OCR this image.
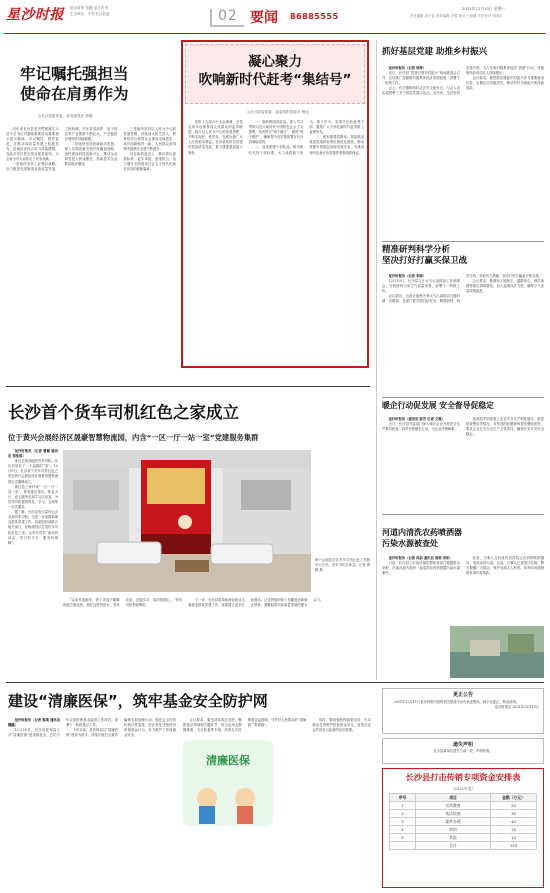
星沙时报 星沙时报 传播 星沙声音
主办单位：中共长沙县委	02 要闻 86885555
2021年12月13日 星期一
责任编辑 刘子怡 美术编辑 尹爽 校对 王雨萌 责任校对 邓国平
牢记嘱托强担当
使命在肩勇作为
◎长沙县委常委、常务副县长 郭敏

近年来长沙县坚决贯彻落实习近平总书记对湖南重要讲话重要指示批示精神，牢记嘱托、感恩奋进，在推动高质量发展上积极作为，县域经济综合实力持续增强，连续多年位居全国百强县前列，为全省全市大局作出了应有贡献。

一是始终坚持工业强县战略。全力推进先进制造业高质量发展，工程机械、汽车及零部件、电子信息等产业集群不断壮大，产业链供应链韧性持续增强。

二是始终坚持创新驱动发展。深入实施创新引领开放崛起战略，加快建设科技创新平台，推动企业研发投入快速增长，高新技术企业数量稳步增加。

三是始终坚持以人民为中心的发展思想。持续加大民生投入，教育医疗社保等社会事业全面进步，城乡面貌焕然一新，人民群众获得感幸福感安全感不断提升。

站在新的起点上，我们将以更高标准、更实举措、更强担当，奋力谱写全面建设社会主义现代化新长沙县的崭新篇章。

凝心聚力
吹响新时代赶考“集结号”
◎长沙县委常委、县委组织部部长 杨运

党的十九届六中全会强调，全党必须永远保持同人民群众的血肉联系，践行以人民为中心的发展思想，不断实现好、维护好、发展好最广大人民的根本利益。长沙县坚持以党建引领高质量发展，着力建强基层战斗堡垒。

一、旗帜鲜明讲政治。深入学习贯彻习近平新时代中国特色社会主义思想，坚决捍卫“两个确立”，做到“两个维护”，确保党中央决策部署在长沙县落地见效。

二、选优配强干部队伍。树牢新时代好干部标准，大力选拔敢于担当、善于作为、实绩突出的优秀干部，激励广大干部在新时代赶考路上奋勇争先。

三、固本强基筑堡垒。持续推进基层党组织标准化规范化建设，推动党建引领基层治理走深走实，为建设现代化新长沙县提供坚强组织保证。

抓好基层党建 助推乡村振兴

星沙时报讯（记者 钟涛）

近日，长沙县“党建引领乡村振兴”现场推进会召开，总结推广各镇街村级集体经济发展经验，部署下一阶段工作。

会上，有关镇街和村社区作交流发言，与会人员实地观摩了多个基层党建示范点。近年来，全县坚持党建引领，大力实施村级集体经济“消薄”行动，村级集体经济总收入持续增长。

会议要求，要把抓党建促乡村振兴作为重要政治任务，压紧压实各级责任，推动乡村全面振兴取得新成效。

精准研判科学分析
坚决打好打赢买保卫战

星沙时报讯（记者 李婷）

12月10日，长沙县召开大气污染防治工作调度会，分析研判当前空气质量形势，部署下一阶段工作。

会议指出，当前正值秋冬季大气污染防治关键时期，各镇街、各部门要对照目标任务，精准研判、科学分析，采取有力措施，坚决打好打赢蓝天保卫战。

会议要求，要强化工地扬尘、道路扬尘、餐饮油烟等重点领域管控，加大巡查执法力度，确保空气质量持续改善。

长沙首个货车司机红色之家成立
位于黄兴会展经济区晟豪智慧物流园，内含“一区一厅一站一室”党建服务集群

星沙时报讯（记者 曹颖 通讯员 郑佳琪）

来自全国各地的货车司机，在长沙县有了一个温暖的“家”。12月9日，长沙首个货车司机红色之家在黄兴会展经济区晟豪智慧物流园正式揭牌成立。

该红色之家内设“一区一厅一站一室”，即党建宣传区、休息大厅、爱心服务站和学习活动室，为货车司机提供休息、学习、交流等一站式服务。

据了解，长沙县有大量货运企业和货车司机。为进一步加强新就业群体党建工作，县委组织部联合相关部门，在物流园区打造货车司机红色之家，让货车司机“流动有站点、学习有平台、服务有保障”。

黄兴会展经济区货车司机红色之家服务大厅内，货车司机在休息。记者 曹颖 摄

“以前长途跑车，停下来连个歇脚的地方都没有，现在这里有热水、有休息室，还能学习，真的很暖心。”货车司机李师傅说。

下一步，长沙县将持续深化新业态新就业群体党建工作，探索建立更多红色驿站，让党的组织和工作覆盖到新就业群体，凝聚起推动高质量发展的强大合力。

暖企行动促发展 安全督导促稳定

星沙时报讯（通讯员 彭芳 记者 文雅）

近日，长沙县安监部门深入辖区企业开展安全生产督导检查，同时开展暖企行动，为企业纾困解难。

检查组详细查看了企业安全生产制度落实、隐患排查整治等情况，对发现的问题现场提出整改意见，要求企业压实安全生产主体责任，确保岁末年初安全稳定。

河道内清洗农药喷洒器
污染水源被查处

星沙时报讯（记者 冉前 通讯员 周杨 李沛）

日前，长沙县公安局环境犯罪侦查部门根据群众举报，在某河道内查获一起清洗农药喷洒器污染水源案件。

经查，当事人在河道内清洗装过农药的喷洒器具，造成水体污染。目前，当事人已被依法处理。警方提醒广大群众，保护水源人人有责，切勿向河道倾倒有毒有害物质。

建设“清廉医保”，筑牢基金安全防护网

星沙时报讯（记者 蒋瑛 通讯员 魏璐）

12月10日，长沙县医保局召开“清廉医保”建设推进会，总结今年以来医保基金监管工作成效，部署下一阶段重点工作。

今年以来，县医保局以“清廉医保”建设为抓手，持续开展打击欺诈骗保专项治理行动，强化定点医药机构日常监管，依法查处违规使用医保基金行为，有力维护了医保基金安全。

清廉医保

会议要求，要坚持零容忍态度，聚焦重点领域和关键环节，综合运用大数据筛查、飞行检查等手段，织密扎牢医保基金监管网，守护好人民群众的“看病钱”“救命钱”。

同时，要加强医保政策宣传，引导群众自觉维护医保基金安全，营造全社会共同参与监督的良好氛围。

更正公告
2021年12月11日星沙时报刊登的相关报道中存在表述错误，现予以更正，特此说明。
星沙时报社 2021年12月13日
遗失声明
长沙县某单位遗失公章一枚，声明作废。
长沙县打击传销专项资金安排表
（2021年度）
序号	项目	金额（万元）
1	宣传教育	20
2	执法检查	35
3	案件办理	40
4	培训	15
5	其他	10
	合计	120
